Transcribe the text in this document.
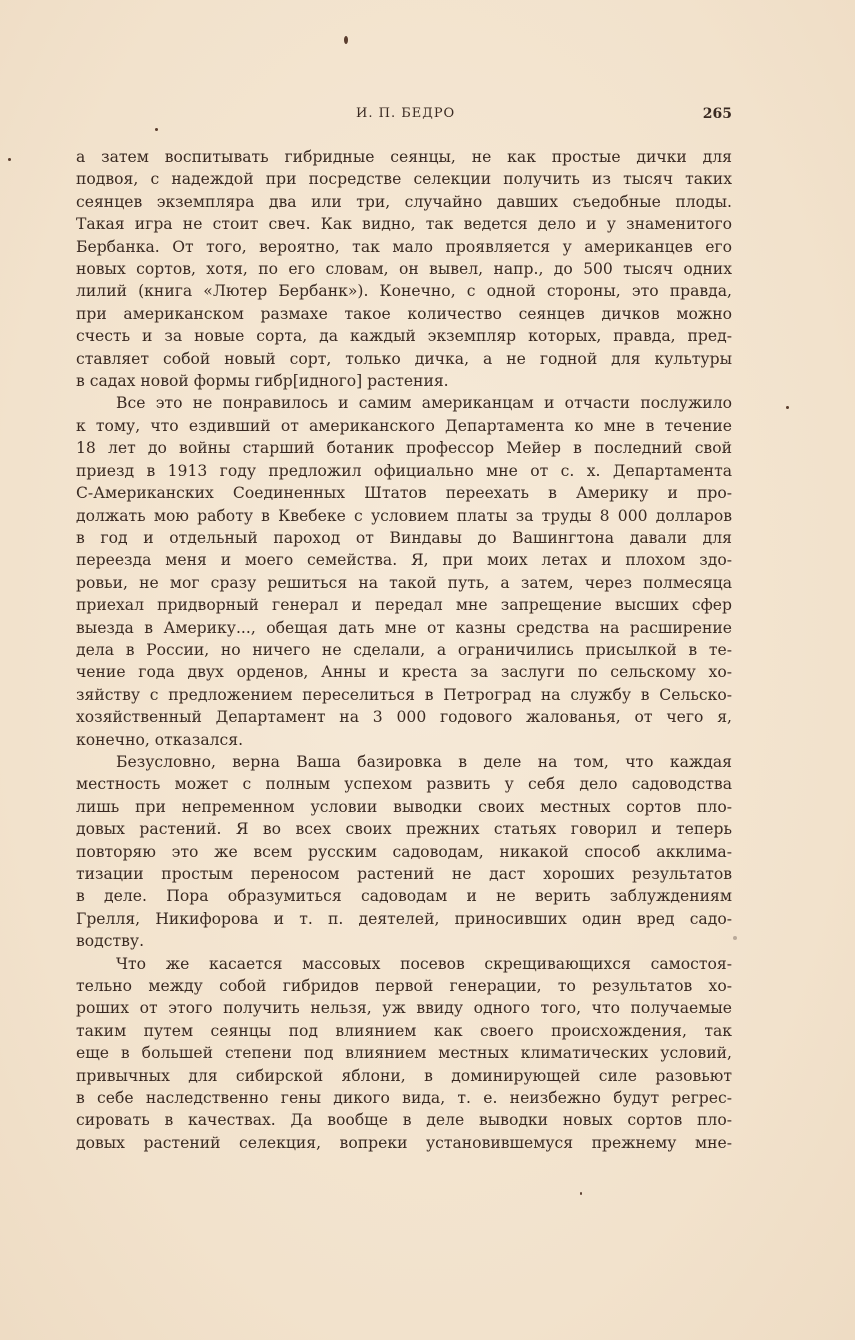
И. П. БЕДРО	265
а затем воспитывать гибридные сеянцы, не как простые дички для
подвоя, с надеждой при посредстве селекции получить из тысяч таких
сеянцев экземпляра два или три, случайно давших съедобные плоды.
Такая игра не стоит свеч. Как видно, так ведется дело и у знаменитого
Бербанка. От того, вероятно, так мало проявляется у американцев его
новых сортов, хотя, по его словам, он вывел, напр., до 500 тысяч одних
лилий (книга «Лютер Бербанк»). Конечно, с одной стороны, это правда,
при американском размахе такое количество сеянцев дичков можно
счесть и за новые сорта, да каждый экземпляр которых, правда, пред-
ставляет собой новый сорт, только дичка, а не годной для культуры
в садах новой формы гибр[идного] растения.
Все это не понравилось и самим американцам и отчасти послужило
к тому, что ездивший от американского Департамента ко мне в течение
18 лет до войны старший ботаник профессор Мейер в последний свой
приезд в 1913 году предложил официально мне от с. х. Департамента
С-Американских Соединенных Штатов переехать в Америку и про-
должать мою работу в Квебеке с условием платы за труды 8 000 долларов
в год и отдельный пароход от Виндавы до Вашингтона давали для
переезда меня и моего семейства. Я, при моих летах и плохом здо-
ровьи, не мог сразу решиться на такой путь, а затем, через полмесяца
приехал придворный генерал и передал мне запрещение высших сфер
выезда в Америку..., обещая дать мне от казны средства на расширение
дела в России, но ничего не сделали, а ограничились присылкой в те-
чение года двух орденов, Анны и креста за заслуги по сельскому хо-
зяйству с предложением переселиться в Петроград на службу в Сельско-
хозяйственный Департамент на 3 000 годового жалованья, от чего я,
конечно, отказался.
Безусловно, верна Ваша базировка в деле на том, что каждая
местность может с полным успехом развить у себя дело садоводства
лишь при непременном условии выводки своих местных сортов пло-
довых растений. Я во всех своих прежних статьях говорил и теперь
повторяю это же всем русским садоводам, никакой способ акклима-
тизации простым переносом растений не даст хороших результатов
в деле. Пора образумиться садоводам и не верить заблуждениям
Грелля, Никифорова и т. п. деятелей, приносивших один вред садо-
водству.
Что же касается массовых посевов скрещивающихся самостоя-
тельно между собой гибридов первой генерации, то результатов хо-
роших от этого получить нельзя, уж ввиду одного того, что получаемые
таким путем сеянцы под влиянием как своего происхождения, так
еще в большей степени под влиянием местных климатических условий,
привычных для сибирской яблони, в доминирующей силе разовьют
в себе наследственно гены дикого вида, т. е. неизбежно будут регрес-
сировать в качествах. Да вообще в деле выводки новых сортов пло-
довых растений селекция, вопреки установившемуся прежнему мне-
